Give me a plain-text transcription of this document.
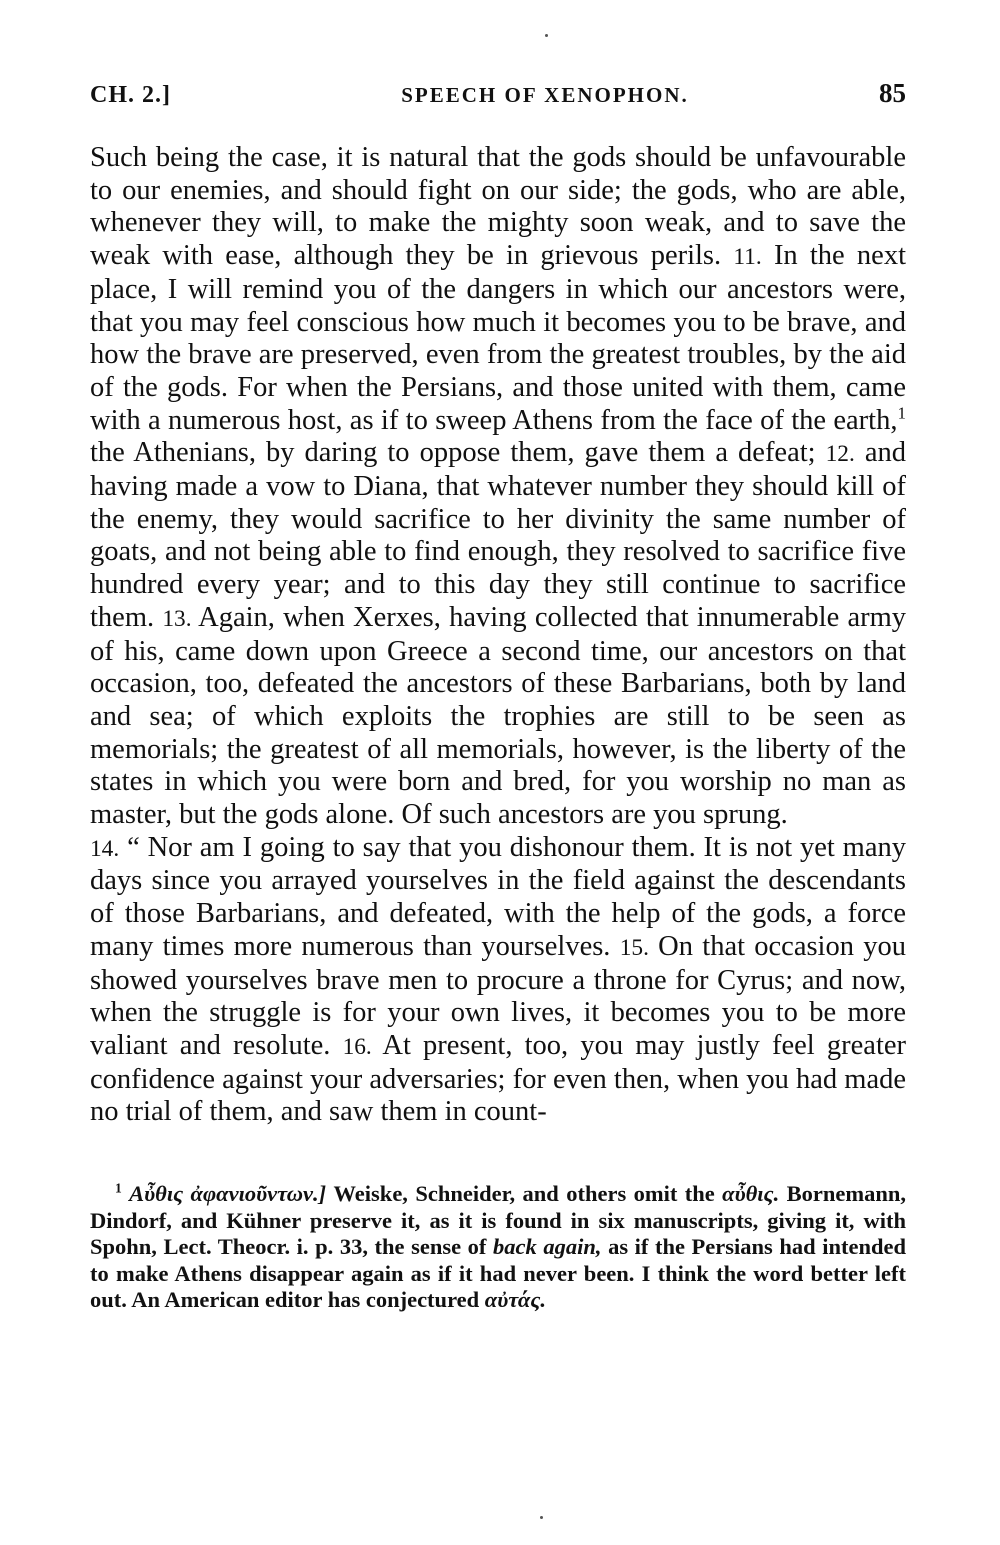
CH. 2.]	SPEECH OF XENOPHON.	85

Such being the case, it is natural that the gods should be unfavourable to our enemies, and should fight on our side; the gods, who are able, whenever they will, to make the mighty soon weak, and to save the weak with ease, although they be in grievous perils. 11. In the next place, I will remind you of the dangers in which our ancestors were, that you may feel conscious how much it becomes you to be brave, and how the brave are preserved, even from the greatest troubles, by the aid of the gods. For when the Persians, and those united with them, came with a numerous host, as if to sweep Athens from the face of the earth,$^1$ the Athenians, by daring to oppose them, gave them a defeat; 12. and having made a vow to Diana, that whatever number they should kill of the enemy, they would sacrifice to her divinity the same number of goats, and not being able to find enough, they resolved to sacrifice five hundred every year; and to this day they still continue to sacrifice them. 13. Again, when Xerxes, having collected that innumerable army of his, came down upon Greece a second time, our ancestors on that occasion, too, defeated the ancestors of these Barbarians, both by land and sea; of which exploits the trophies are still to be seen as memorials; the greatest of all memorials, however, is the liberty of the states in which you were born and bred, for you worship no man as master, but the gods alone. Of such ancestors are you sprung.

14. “ Nor am I going to say that you dishonour them. It is not yet many days since you arrayed yourselves in the field against the descendants of those Barbarians, and defeated, with the help of the gods, a force many times more numerous than yourselves. 15. On that occasion you showed yourselves brave men to procure a throne for Cyrus; and now, when the struggle is for your own lives, it becomes you to be more valiant and resolute. 16. At present, too, you may justly feel greater confidence against your adversaries; for even then, when you had made no trial of them, and saw them in count-

$^1$ Αὖθις ἀφανιοῦντων.] Weiske, Schneider, and others omit the αὖθις. Bornemann, Dindorf, and Kühner preserve it, as it is found in six manuscripts, giving it, with Spohn, Lect. Theocr. i. p. 33, the sense of back again, as if the Persians had intended to make Athens disappear again as if it had never been. I think the word better left out. An American editor has conjectured αὐτάς.
